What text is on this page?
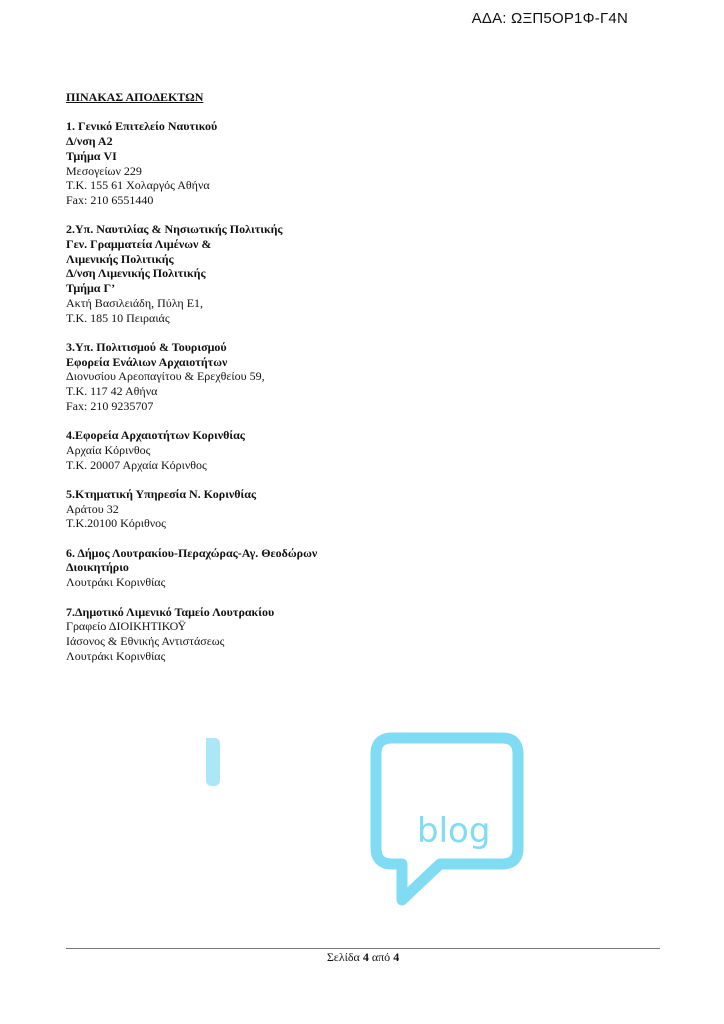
ΑΔΑ: ΩΞΠ5ΟΡ1Φ-Γ4Ν
ΠΙΝΑΚΑΣ ΑΠΟΔΕΚΤΩΝ
1. Γενικό Επιτελείο Ναυτικού
Δ/νση Α2
Τμήμα VI
Μεσογείων 229
Τ.Κ. 155 61 Χολαργός Αθήνα
Fax: 210 6551440
2.Υπ. Ναυτιλίας & Νησιωτικής Πολιτικής
Γεν. Γραμματεία Λιμένων &
Λιμενικής Πολιτικής
Δ/νση Λιμενικής Πολιτικής
Τμήμα Γ’
Ακτή Βασιλειάδη, Πύλη Ε1,
Τ.Κ. 185 10 Πειραιάς
3.Υπ. Πολιτισμού & Τουρισμού
Εφορεία Ενάλιων Αρχαιοτήτων
Διονυσίου Αρεοπαγίτου & Ερεχθείου 59,
Τ.Κ. 117 42 Αθήνα
Fax: 210 9235707
4.Εφορεία Αρχαιοτήτων Κορινθίας
Αρχαία Κόρινθος
Τ.Κ. 20007 Αρχαία Κόρινθος
5.Κτηματική Υπηρεσία Ν. Κορινθίας
Αράτου 32
Τ.Κ.20100 Κόριθνος
6. Δήμος Λουτρακίου-Περαχώρας-Αγ. Θεοδώρων
Διοικητήριο
Λουτράκι Κορινθίας
7.Δημοτικό Λιμενικό Ταμείο Λουτρακίου
Γραφείο ΔΙΟΙΚΗΤΙΚΟΫ
Ιάσονος & Εθνικής Αντιστάσεως
Λουτράκι Κορινθίας
blog
Σελίδα 4 από 4
